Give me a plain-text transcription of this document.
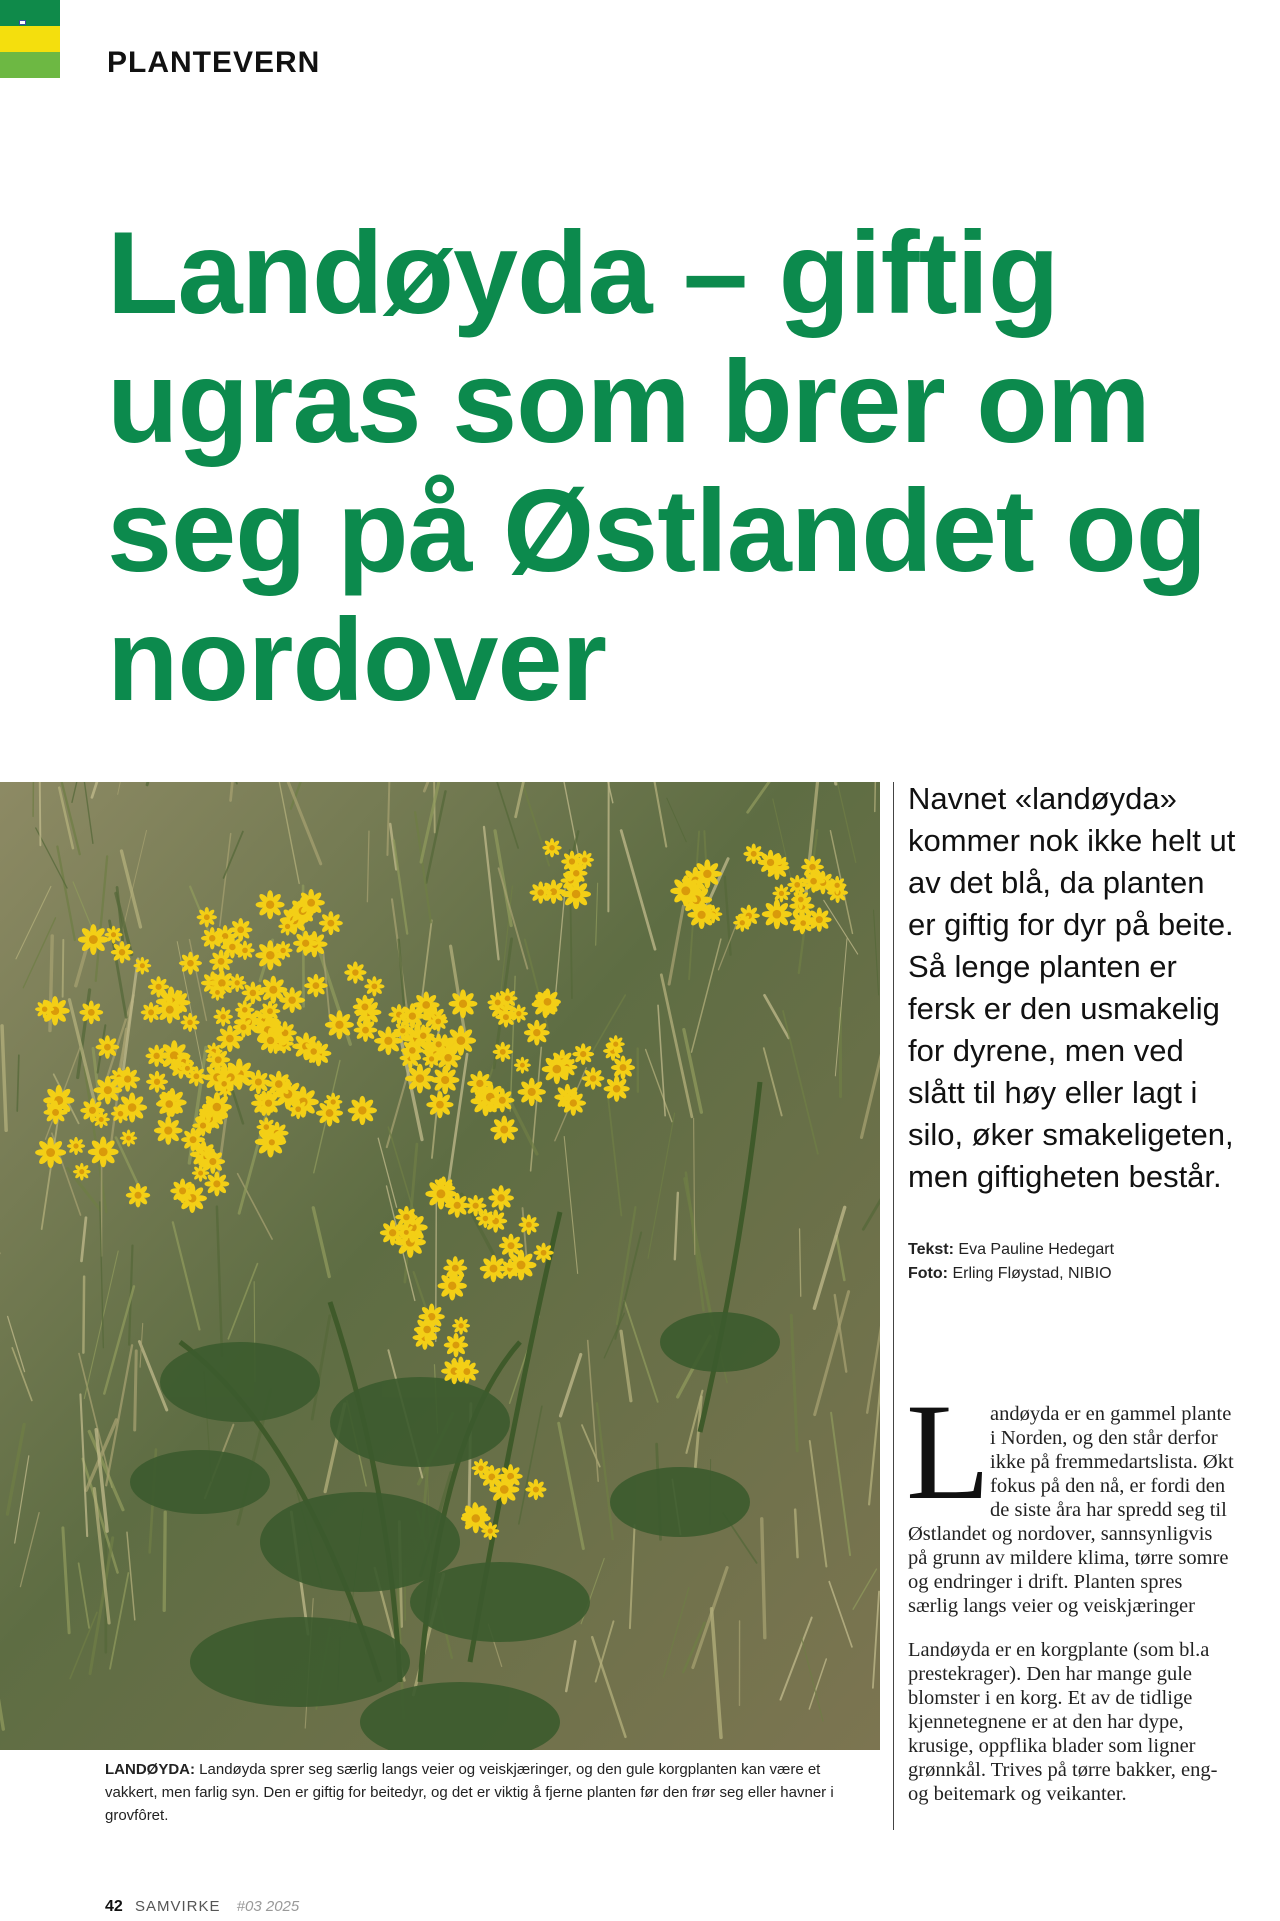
PLANTEVERN
Landøyda – giftig ugras som brer om seg på Østlandet og nordover

LANDØYDA: Landøyda sprer seg særlig langs veier og veiskjæringer, og den gule korgplanten kan være et vakkert, men farlig syn. Den er giftig for beitedyr, og det er viktig å fjerne planten før den frør seg eller havner i grovfôret.

Navnet «landøyda»
kommer nok ikke helt ut
av det blå, da planten
er giftig for dyr på beite.
Så lenge planten er
fersk er den usmakelig
for dyrene, men ved
slått til høy eller lagt i
silo, øker smakeligeten,
men giftigheten består.

Tekst: Eva Pauline Hedegart
Foto: Erling Fløystad, NIBIO
L andøyda er en gammel plante
i Norden, og den står derfor
ikke på fremmedartslista. Økt
fokus på den nå, er fordi den
de siste åra har spredd seg til
Østlandet og nordover, sannsynligvis
på grunn av mildere klima, tørre somre
og endringer i drift. Planten spres
særlig langs veier og veiskjæringer

Landøyda er en korgplante (som bl.a
prestekrager). Den har mange gule
blomster i en korg. Et av de tidlige
kjennetegnene er at den har dype,
krusige, oppflika blader som ligner
grønnkål. Trives på tørre bakker, eng-
og beitemark og veikanter.

42 SAMVIRKE #03 2025
